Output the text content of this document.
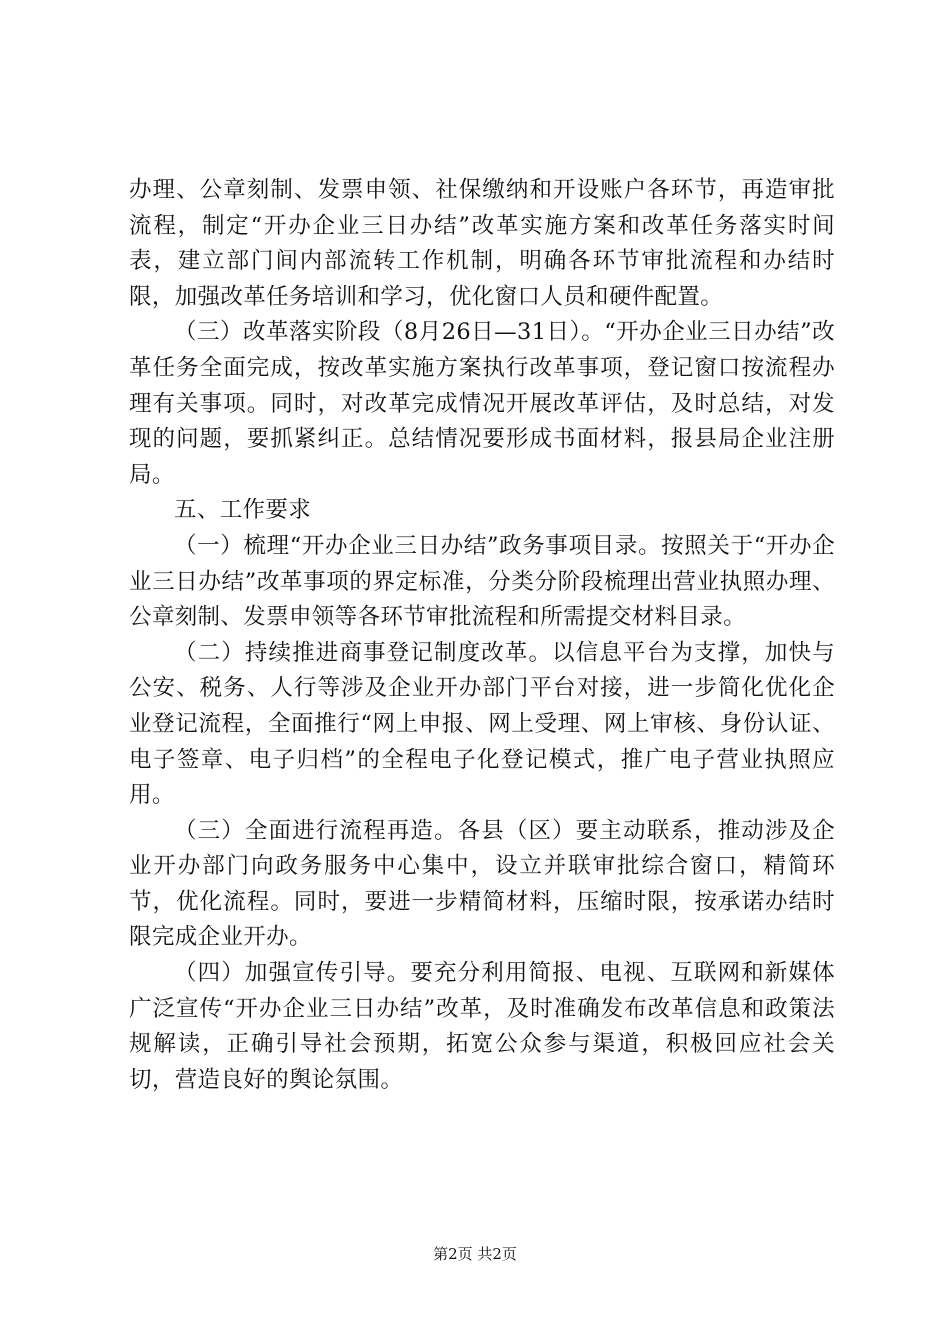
办理、公章刻制、发票申领、社保缴纳和开设账户各环节，再造审批流程，制定“开办企业三日办结”改革实施方案和改革任务落实时间表，建立部门间内部流转工作机制，明确各环节审批流程和办结时限，加强改革任务培训和学习，优化窗口人员和硬件配置。

（三）改革落实阶段（8月26日—31日）。“开办企业三日办结”改革任务全面完成，按改革实施方案执行改革事项，登记窗口按流程办理有关事项。同时，对改革完成情况开展改革评估，及时总结，对发现的问题，要抓紧纠正。总结情况要形成书面材料，报县局企业注册局。

五、工作要求

（一）梳理“开办企业三日办结”政务事项目录。按照关于“开办企业三日办结”改革事项的界定标准，分类分阶段梳理出营业执照办理、公章刻制、发票申领等各环节审批流程和所需提交材料目录。

（二）持续推进商事登记制度改革。以信息平台为支撑，加快与公安、税务、人行等涉及企业开办部门平台对接，进一步简化优化企业登记流程，全面推行“网上申报、网上受理、网上审核、身份认证、电子签章、电子归档”的全程电子化登记模式，推广电子营业执照应用。

（三）全面进行流程再造。各县（区）要主动联系，推动涉及企业开办部门向政务服务中心集中，设立并联审批综合窗口，精简环节，优化流程。同时，要进一步精简材料，压缩时限，按承诺办结时限完成企业开办。

（四）加强宣传引导。要充分利用简报、电视、互联网和新媒体广泛宣传“开办企业三日办结”改革，及时准确发布改革信息和政策法规解读，正确引导社会预期，拓宽公众参与渠道，积极回应社会关切，营造良好的舆论氛围。

第2页 共2页
